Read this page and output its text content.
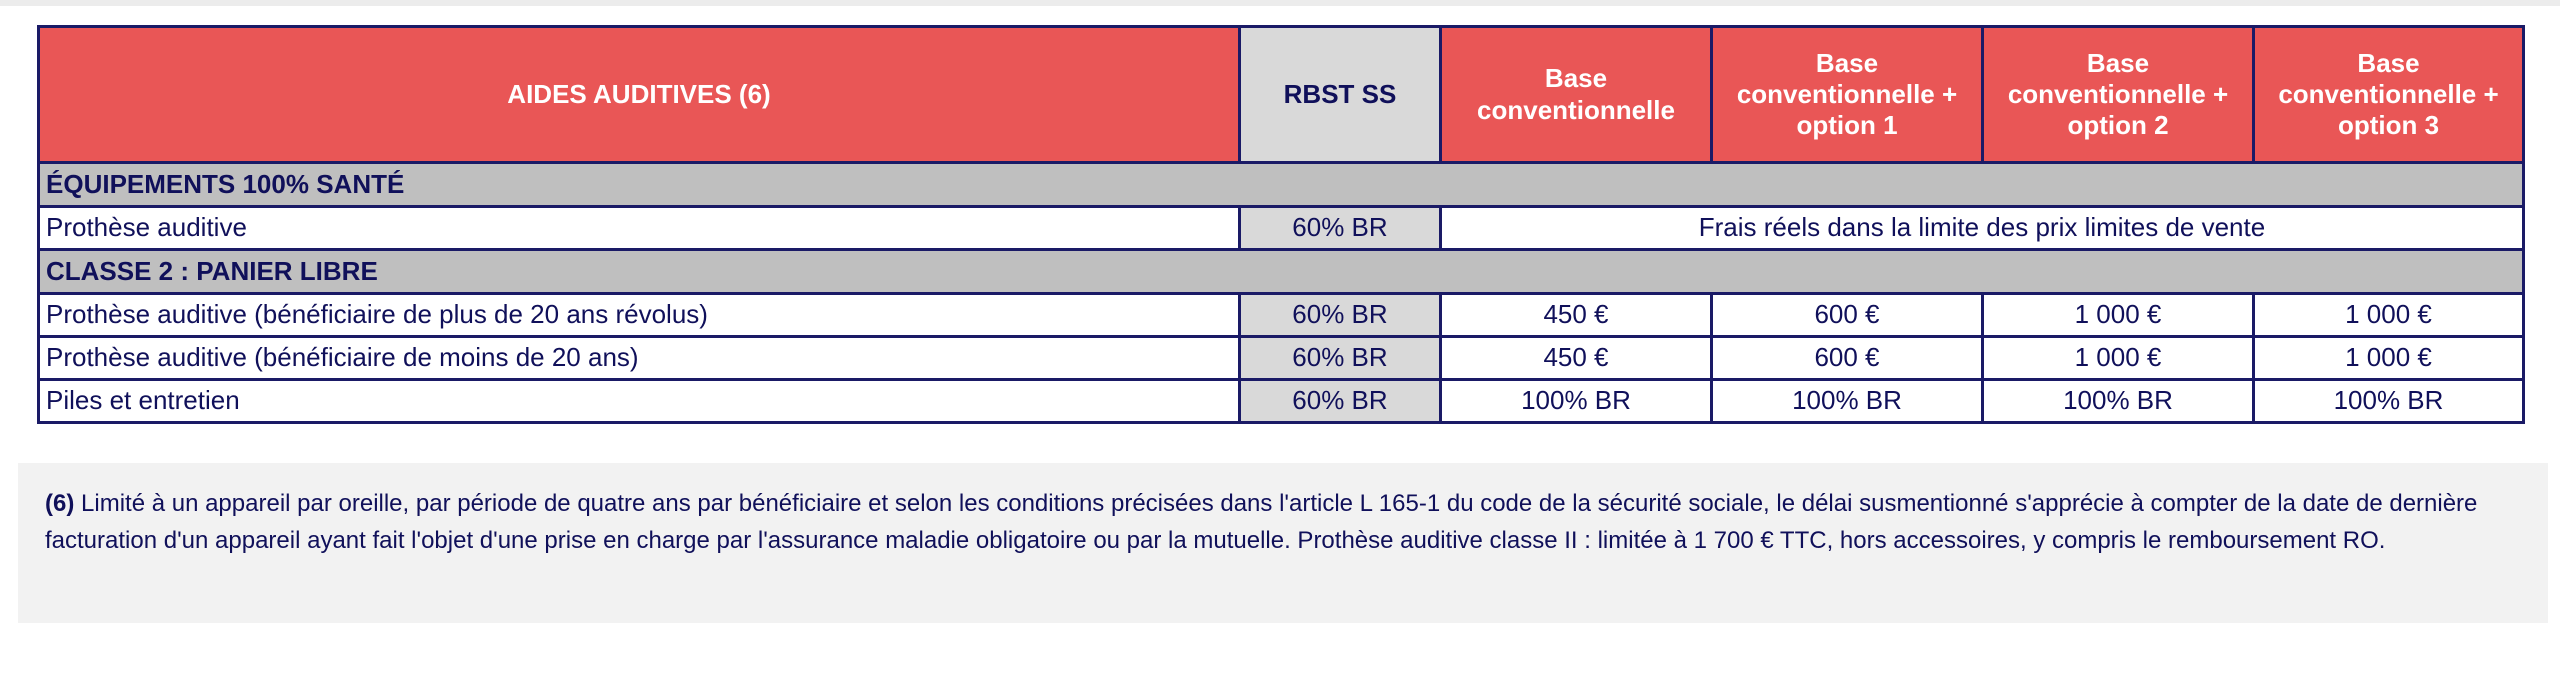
AIDES AUDITIVES (6)	RBST SS	Base conventionnelle	Base conventionnelle + option 1	Base conventionnelle + option 2	Base conventionnelle + option 3
ÉQUIPEMENTS 100% SANTÉ					
Prothèse auditive	60% BR	Frais réels dans la limite des prix limites de vente			
CLASSE 2 : PANIER LIBRE					
Prothèse auditive (bénéficiaire de plus de 20 ans révolus)	60% BR	450 €	600 €	1 000 €	1 000 €
Prothèse auditive (bénéficiaire de moins de 20 ans)	60% BR	450 €	600 €	1 000 €	1 000 €
Piles et entretien	60% BR	100% BR	100% BR	100% BR	100% BR
(6) Limité à un appareil par oreille, par période de quatre ans par bénéficiaire et selon les conditions précisées dans l'article L 165-1 du code de la sécurité sociale, le délai susmentionné s'apprécie à compter de la date de dernière facturation d'un appareil ayant fait l'objet d'une prise en charge par l'assurance maladie obligatoire ou par la mutuelle. Prothèse auditive classe II : limitée à 1 700 € TTC, hors accessoires, y compris le remboursement RO.
